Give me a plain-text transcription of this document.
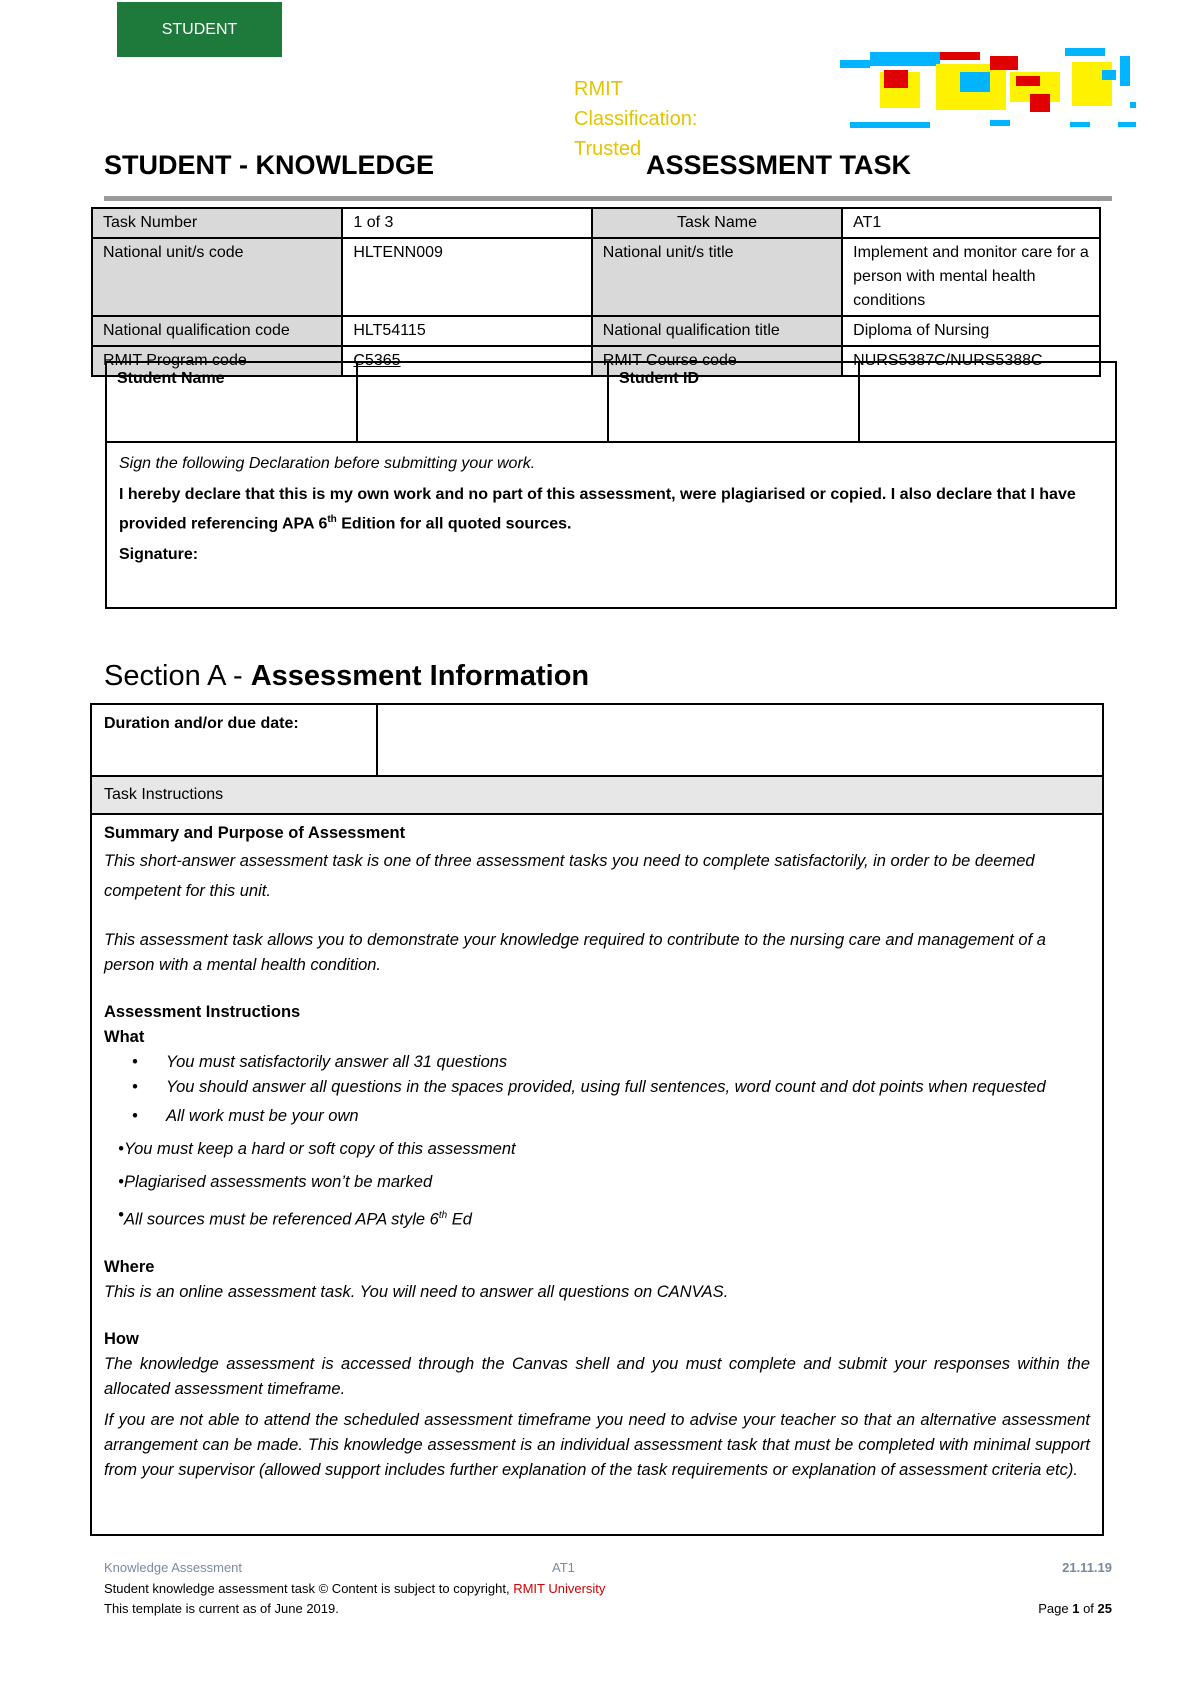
STUDENT
RMIT Classification: Trusted
STUDENT - KNOWLEDGE	ASSESSMENT TASK
Task Number	1 of 3	Task Name	AT1
National unit/s code	HLTENN009	National unit/s title	Implement and monitor care for a person with mental health conditions
National qualification code	HLT54115	National qualification title	Diploma of Nursing
RMIT Program code	C5365	RMIT Course code	NURS5387C/NURS5388C
Student Name		Student ID	

Sign the following Declaration before submitting your work.

I hereby declare that this is my own work and no part of this assessment, were plagiarised or copied. I also declare that I have provided referencing APA 6th Edition for all quoted sources.

Signature:

Section A - Assessment Information
Duration and/or due date:
Task Instructions

Summary and Purpose of Assessment

This short-answer assessment task is one of three assessment tasks you need to complete satisfactorily, in order to be deemed competent for this unit.

This assessment task allows you to demonstrate your knowledge required to contribute to the nursing care and management of a person with a mental health condition.

Assessment Instructions

What

•	You must satisfactorily answer all 31 questions
•	You should answer all questions in the spaces provided, using full sentences, word count and dot points when requested
•	All work must be your own
• You must keep a hard or soft copy of this assessment
• Plagiarised assessments won’t be marked
• All sources must be referenced APA style 6th Ed

Where

This is an online assessment task. You will need to answer all questions on CANVAS.

How

The knowledge assessment is accessed through the Canvas shell and you must complete and submit your responses within the allocated assessment timeframe.

If you are not able to attend the scheduled assessment timeframe you need to advise your teacher so that an alternative assessment arrangement can be made. This knowledge assessment is an individual assessment task that must be completed with minimal support from your supervisor (allowed support includes further explanation of the task requirements or explanation of assessment criteria etc).

Knowledge Assessment	AT1	21.11.19
Student knowledge assessment task © Content is subject to copyright, RMIT University
This template is current as of June 2019.	Page 1 of 25
